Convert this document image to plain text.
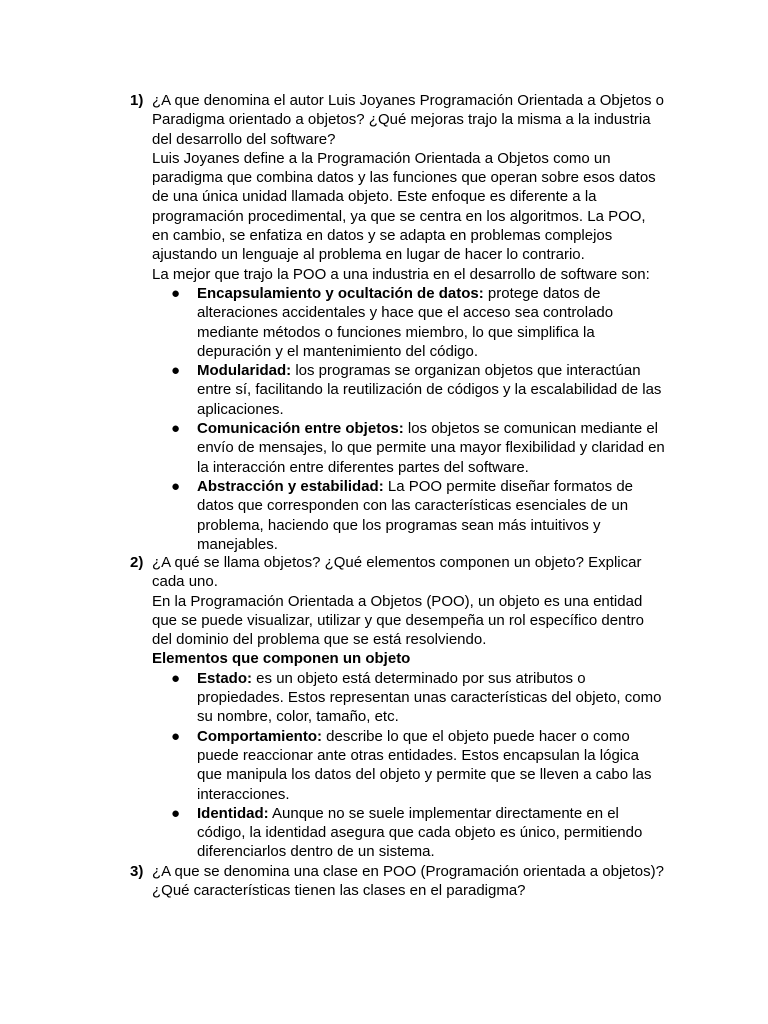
1) ¿A que denomina el autor Luis Joyanes Programación Orientada a Objetos o Paradigma orientado a objetos? ¿Qué mejoras trajo la misma a la industria del desarrollo del software?

Luis Joyanes define a la Programación Orientada a Objetos como un paradigma que combina datos y las funciones que operan sobre esos datos de una única unidad llamada objeto. Este enfoque es diferente a la programación procedimental, ya que se centra en los algoritmos. La POO, en cambio, se enfatiza en datos y se adapta en problemas complejos ajustando un lenguaje al problema en lugar de hacer lo contrario.

La mejor que trajo la POO a una industria en el desarrollo de software son:

● Encapsulamiento y ocultación de datos: protege datos de alteraciones accidentales y hace que el acceso sea controlado mediante métodos o funciones miembro, lo que simplifica la depuración y el mantenimiento del código.
● Modularidad: los programas se organizan objetos que interactúan entre sí, facilitando la reutilización de códigos y la escalabilidad de las aplicaciones.
● Comunicación entre objetos: los objetos se comunican mediante el envío de mensajes, lo que permite una mayor flexibilidad y claridad en la interacción entre diferentes partes del software.
● Abstracción y estabilidad: La POO permite diseñar formatos de datos que corresponden con las características esenciales de un problema, haciendo que los programas sean más intuitivos y manejables.
2) ¿A qué se llama objetos? ¿Qué elementos componen un objeto? Explicar cada uno.

En la Programación Orientada a Objetos (POO), un objeto es una entidad que se puede visualizar, utilizar y que desempeña un rol específico dentro del dominio del problema que se está resolviendo.

Elementos que componen un objeto

● Estado: es un objeto está determinado por sus atributos o propiedades. Estos representan unas características del objeto, como su nombre, color, tamaño, etc.
● Comportamiento: describe lo que el objeto puede hacer o como puede reaccionar ante otras entidades. Estos encapsulan la lógica que manipula los datos del objeto y permite que se lleven a cabo las interacciones.
● Identidad: Aunque no se suele implementar directamente en el código, la identidad asegura que cada objeto es único, permitiendo diferenciarlos dentro de un sistema.
3) ¿A que se denomina una clase en POO (Programación orientada a objetos)? ¿Qué características tienen las clases en el paradigma?
